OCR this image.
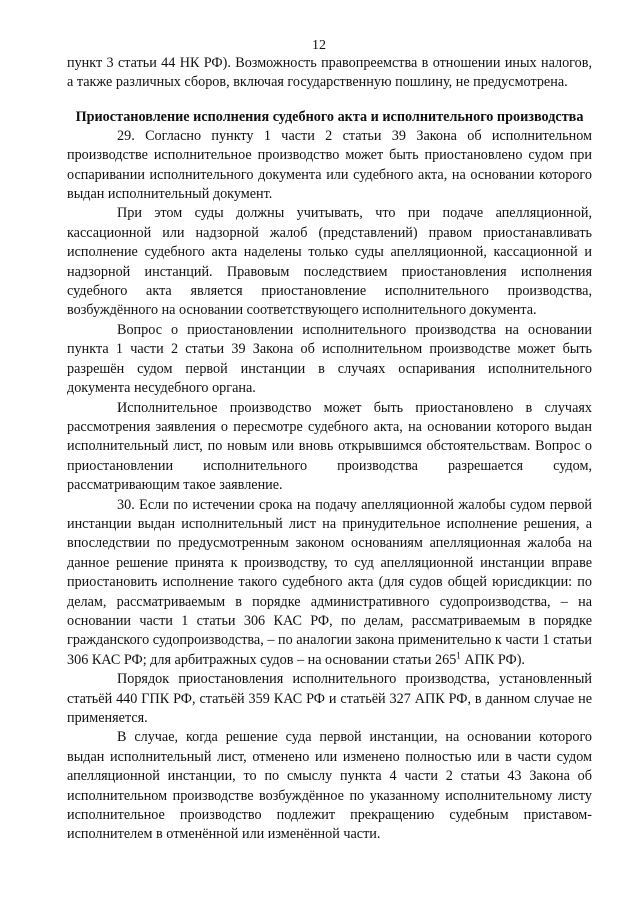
12

пункт 3 статьи 44 НК РФ). Возможность правопреемства в отношении иных налогов, а также различных сборов, включая государственную пошлину, не предусмотрена.

Приостановление исполнения судебного акта и исполнительного производства

29. Согласно пункту 1 части 2 статьи 39 Закона об исполнительном производстве исполнительное производство может быть приостановлено судом при оспаривании исполнительного документа или судебного акта, на основании которого выдан исполнительный документ.

При этом суды должны учитывать, что при подаче апелляционной, кассационной или надзорной жалоб (представлений) правом приостанавливать исполнение судебного акта наделены только суды апелляционной, кассационной и надзорной инстанций. Правовым последствием приостановления исполнения судебного акта является приостановление исполнительного производства, возбуждённого на основании соответствующего исполнительного документа.

Вопрос о приостановлении исполнительного производства на основании пункта 1 части 2 статьи 39 Закона об исполнительном производстве может быть разрешён судом первой инстанции в случаях оспаривания исполнительного документа несудебного органа.

Исполнительное производство может быть приостановлено в случаях рассмотрения заявления о пересмотре судебного акта, на основании которого выдан исполнительный лист, по новым или вновь открывшимся обстоятельствам. Вопрос о приостановлении исполнительного производства разрешается судом, рассматривающим такое заявление.

30. Если по истечении срока на подачу апелляционной жалобы судом первой инстанции выдан исполнительный лист на принудительное исполнение решения, а впоследствии по предусмотренным законом основаниям апелляционная жалоба на данное решение принята к производству, то суд апелляционной инстанции вправе приостановить исполнение такого судебного акта (для судов общей юрисдикции: по делам, рассматриваемым в порядке административного судопроизводства, – на основании части 1 статьи 306 КАС РФ, по делам, рассматриваемым в порядке гражданского судопроизводства, – по аналогии закона применительно к части 1 статьи 306 КАС РФ; для арбитражных судов – на основании статьи $265^1$ АПК РФ).

Порядок приостановления исполнительного производства, установленный статьёй 440 ГПК РФ, статьёй 359 КАС РФ и статьёй 327 АПК РФ, в данном случае не применяется.

В случае, когда решение суда первой инстанции, на основании которого выдан исполнительный лист, отменено или изменено полностью или в части судом апелляционной инстанции, то по смыслу пункта 4 части 2 статьи 43 Закона об исполнительном производстве возбуждённое по указанному исполнительному листу исполнительное производство подлежит прекращению судебным приставом-исполнителем в отменённой или изменённой части.
